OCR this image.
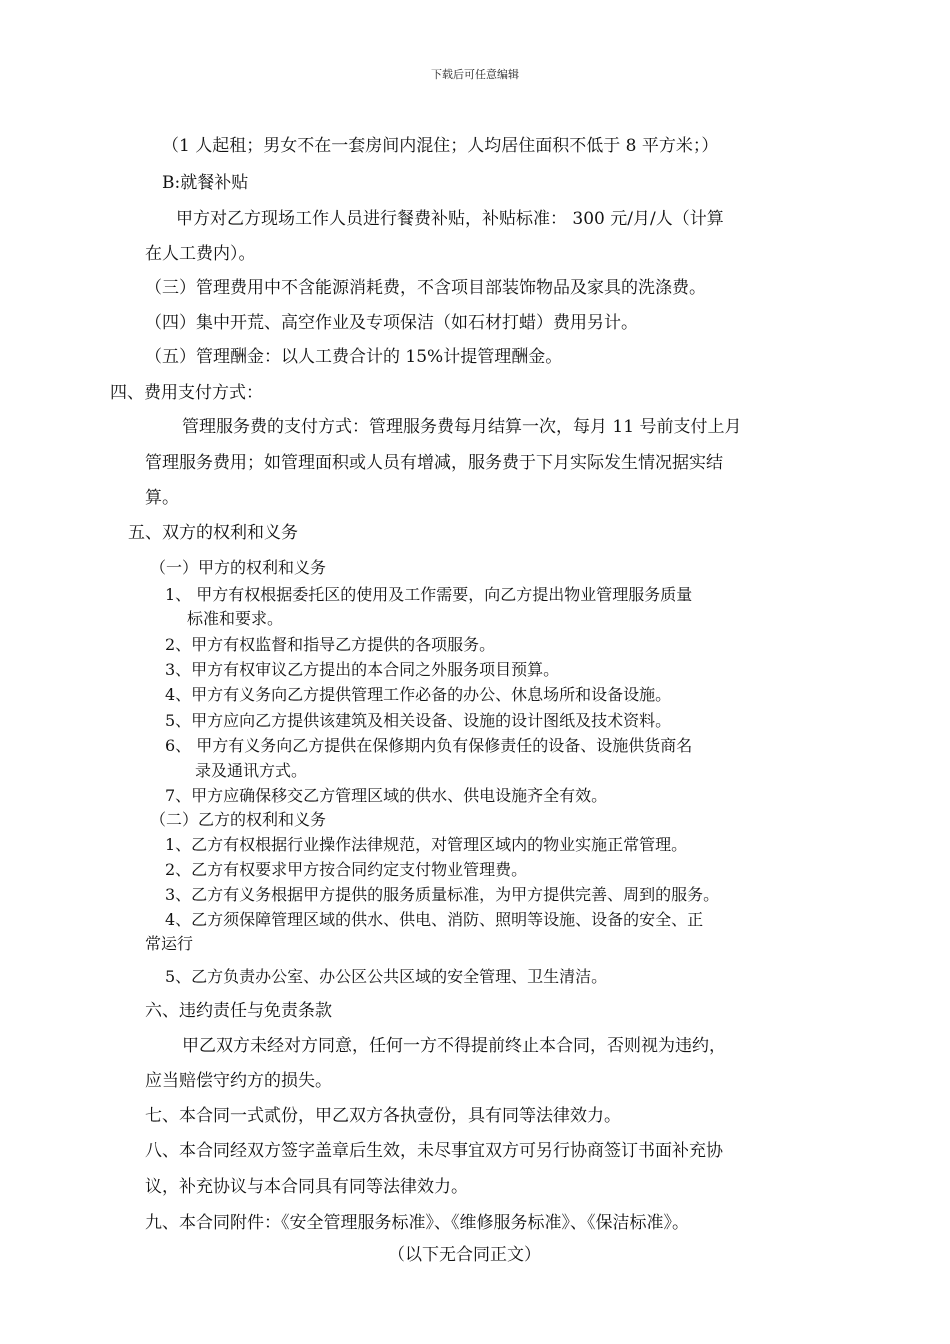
下载后可任意编辑
（1 人起租；男女不在一套房间内混住；人均居住面积不低于 8 平方米；）
B:就餐补贴
甲方对乙方现场工作人员进行餐费补贴，补贴标准： 300 元/月/人（计算
在人工费内）。
（三）管理费用中不含能源消耗费，不含项目部装饰物品及家具的洗涤费。
（四）集中开荒、高空作业及专项保洁（如石材打蜡）费用另计。
（五）管理酬金：以人工费合计的 15%计提管理酬金。
四、费用支付方式：
管理服务费的支付方式：管理服务费每月结算一次，每月 11 号前支付上月
管理服务费用；如管理面积或人员有增减，服务费于下月实际发生情况据实结
算。
五、双方的权利和义务
（一）甲方的权利和义务
1、 甲方有权根据委托区的使用及工作需要，向乙方提出物业管理服务质量
标准和要求。
2、甲方有权监督和指导乙方提供的各项服务。
3、甲方有权审议乙方提出的本合同之外服务项目预算。
4、甲方有义务向乙方提供管理工作必备的办公、休息场所和设备设施。
5、甲方应向乙方提供该建筑及相关设备、设施的设计图纸及技术资料。
6、 甲方有义务向乙方提供在保修期内负有保修责任的设备、设施供货商名
录及通讯方式。
7、甲方应确保移交乙方管理区域的供水、供电设施齐全有效。
（二）乙方的权利和义务
1、乙方有权根据行业操作法律规范，对管理区域内的物业实施正常管理。
2、乙方有权要求甲方按合同约定支付物业管理费。
3、乙方有义务根据甲方提供的服务质量标准，为甲方提供完善、周到的服务。
4、乙方须保障管理区域的供水、供电、消防、照明等设施、设备的安全、正
常运行
5、乙方负责办公室、办公区公共区域的安全管理、卫生清洁。
六、违约责任与免责条款
甲乙双方未经对方同意，任何一方不得提前终止本合同，否则视为违约，
应当赔偿守约方的损失。
七、本合同一式贰份，甲乙双方各执壹份，具有同等法律效力。
八、本合同经双方签字盖章后生效，未尽事宜双方可另行协商签订书面补充协
议，补充协议与本合同具有同等法律效力。
九、本合同附件：《安全管理服务标准》、《维修服务标准》、《保洁标准》。
（以下无合同正文）
